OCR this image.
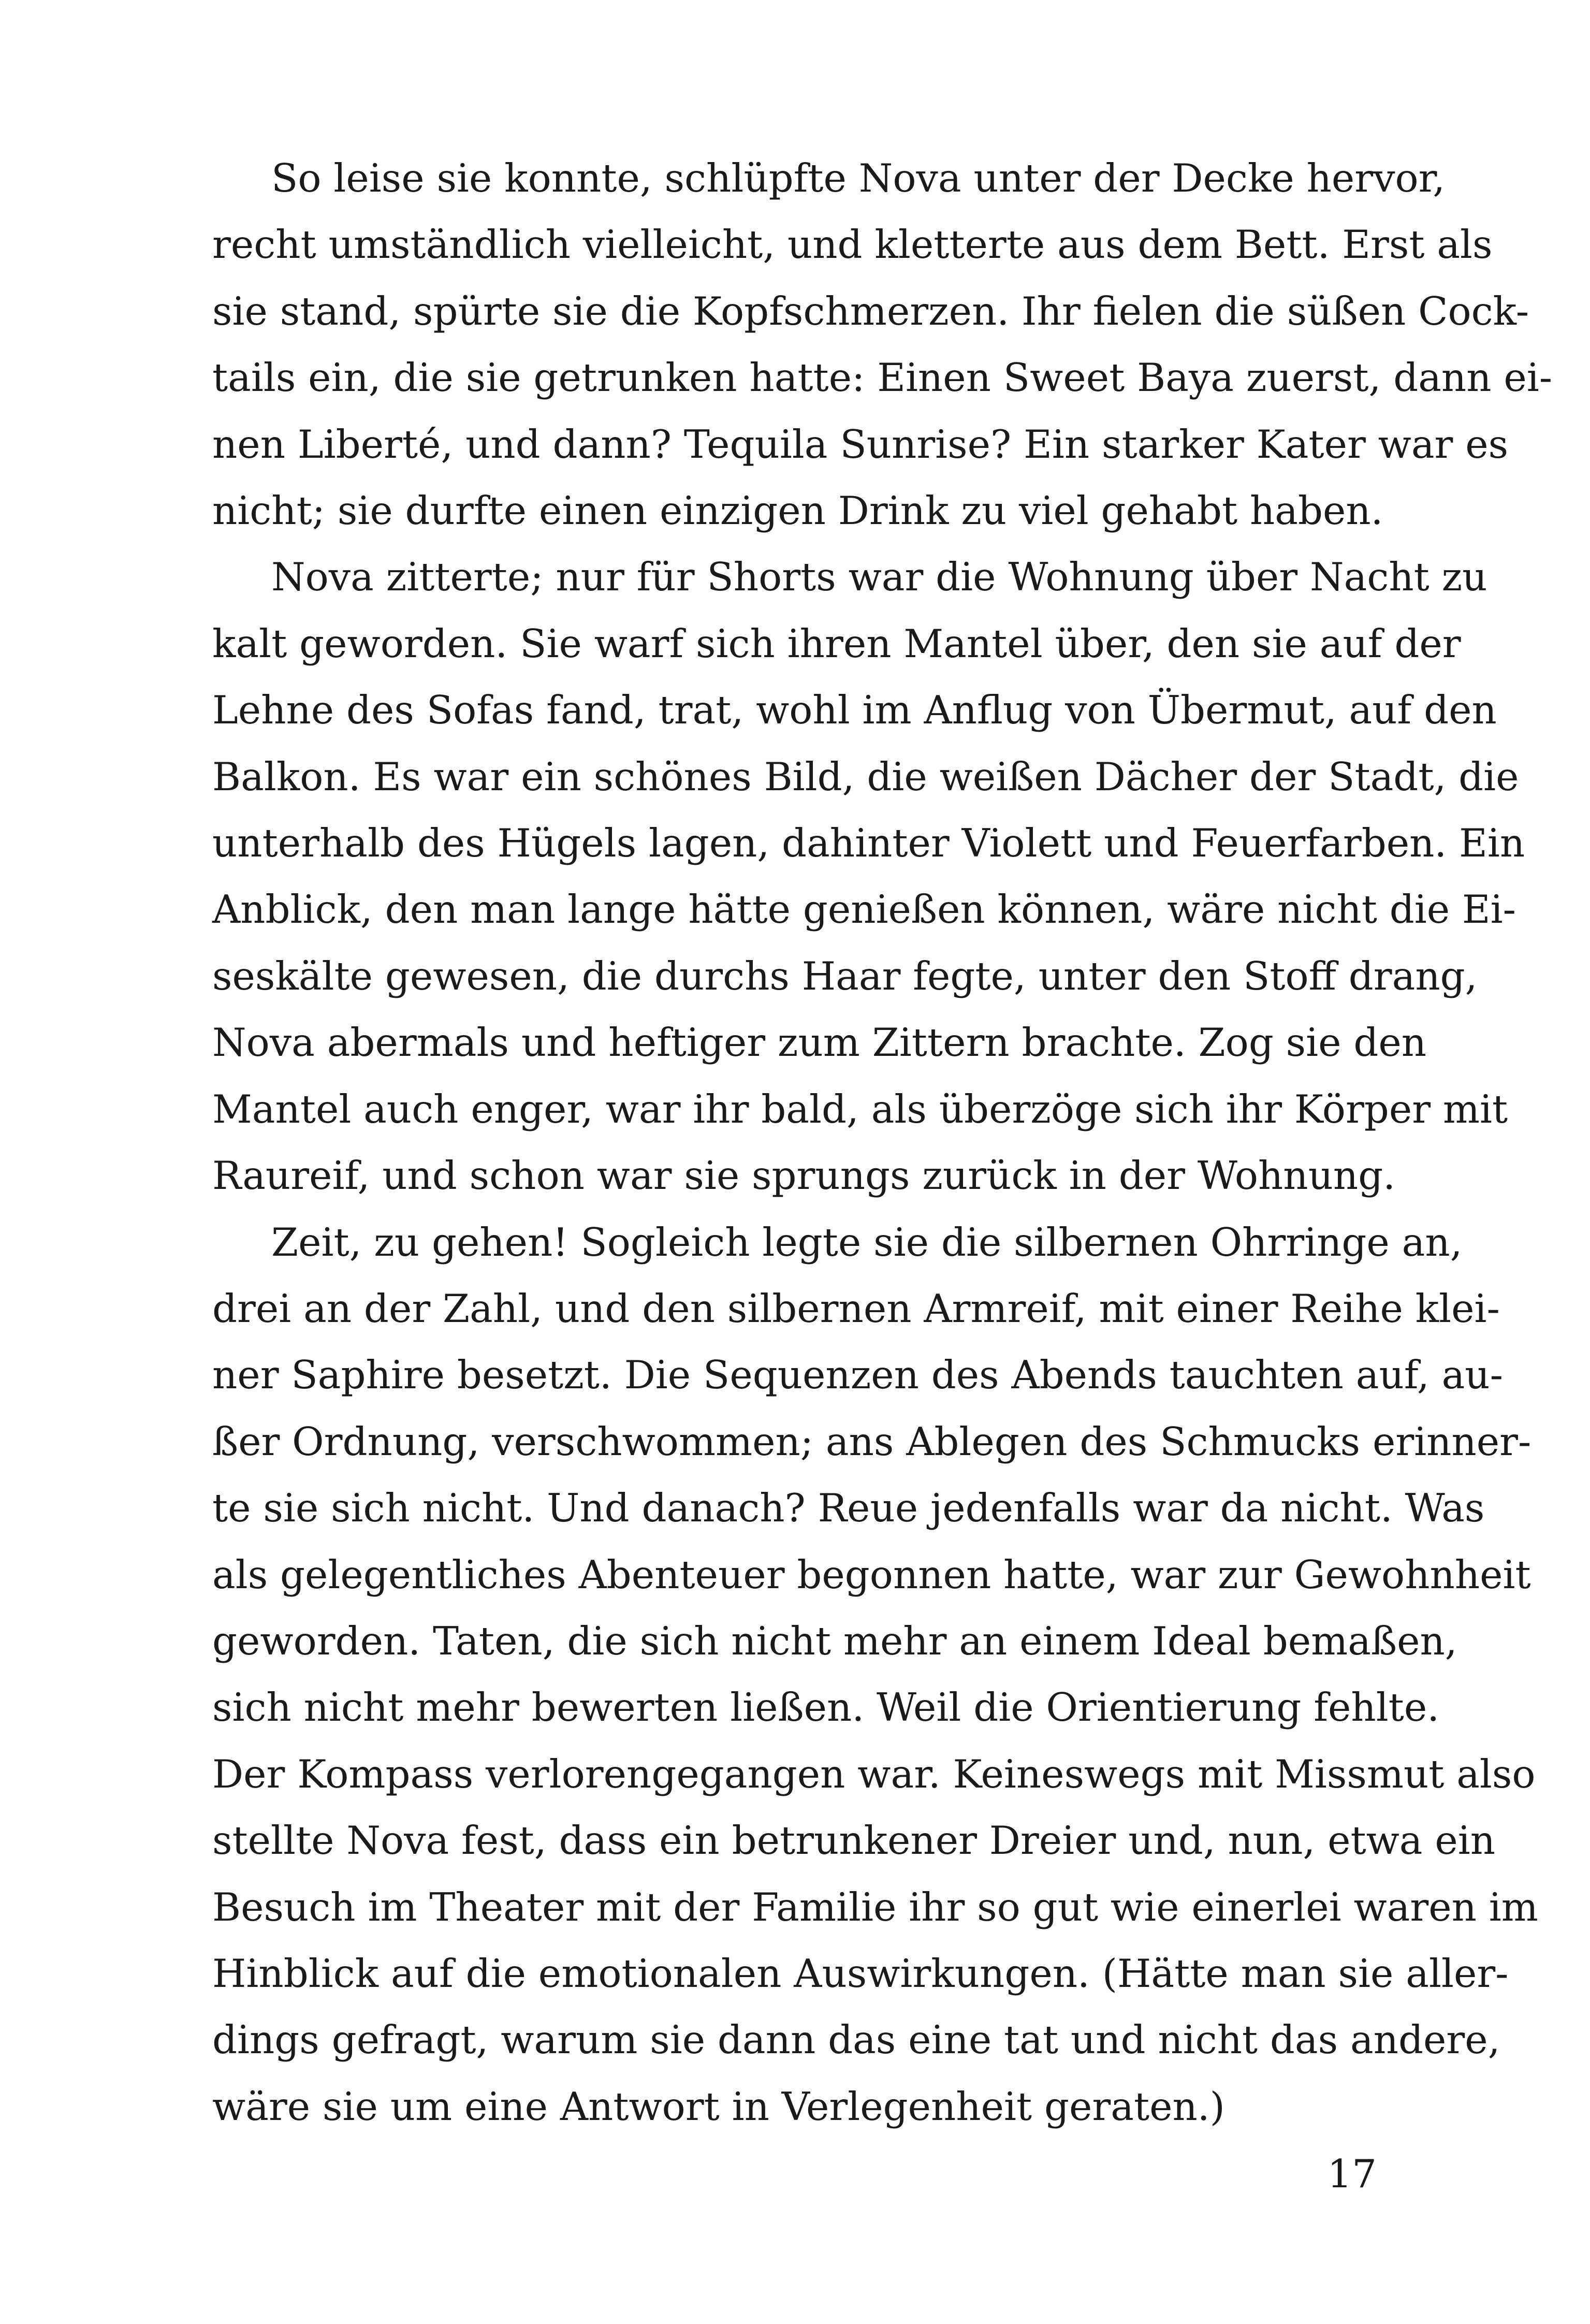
So leise sie konnte, schlüpfte Nova unter der Decke hervor,
recht umständlich vielleicht, und kletterte aus dem Bett. Erst als
sie stand, spürte sie die Kopfschmerzen. Ihr fielen die süßen Cock-
tails ein, die sie getrunken hatte: Einen Sweet Baya zuerst, dann ei-
nen Liberté, und dann? Tequila Sunrise? Ein starker Kater war es
nicht; sie durfte einen einzigen Drink zu viel gehabt haben.

Nova zitterte; nur für Shorts war die Wohnung über Nacht zu
kalt geworden. Sie warf sich ihren Mantel über, den sie auf der
Lehne des Sofas fand, trat, wohl im Anflug von Übermut, auf den
Balkon. Es war ein schönes Bild, die weißen Dächer der Stadt, die
unterhalb des Hügels lagen, dahinter Violett und Feuerfarben. Ein
Anblick, den man lange hätte genießen können, wäre nicht die Ei-
seskälte gewesen, die durchs Haar fegte, unter den Stoff drang,
Nova abermals und heftiger zum Zittern brachte. Zog sie den
Mantel auch enger, war ihr bald, als überzöge sich ihr Körper mit
Raureif, und schon war sie sprungs zurück in der Wohnung.

Zeit, zu gehen! Sogleich legte sie die silbernen Ohrringe an,
drei an der Zahl, und den silbernen Armreif, mit einer Reihe klei-
ner Saphire besetzt. Die Sequenzen des Abends tauchten auf, au-
ßer Ordnung, verschwommen; ans Ablegen des Schmucks erinner-
te sie sich nicht. Und danach? Reue jedenfalls war da nicht. Was
als gelegentliches Abenteuer begonnen hatte, war zur Gewohnheit
geworden. Taten, die sich nicht mehr an einem Ideal bemaßen,
sich nicht mehr bewerten ließen. Weil die Orientierung fehlte.
Der Kompass verlorengegangen war. Keineswegs mit Missmut also
stellte Nova fest, dass ein betrunkener Dreier und, nun, etwa ein
Besuch im Theater mit der Familie ihr so gut wie einerlei waren im
Hinblick auf die emotionalen Auswirkungen. (Hätte man sie aller-
dings gefragt, warum sie dann das eine tat und nicht das andere,
wäre sie um eine Antwort in Verlegenheit geraten.)

17
